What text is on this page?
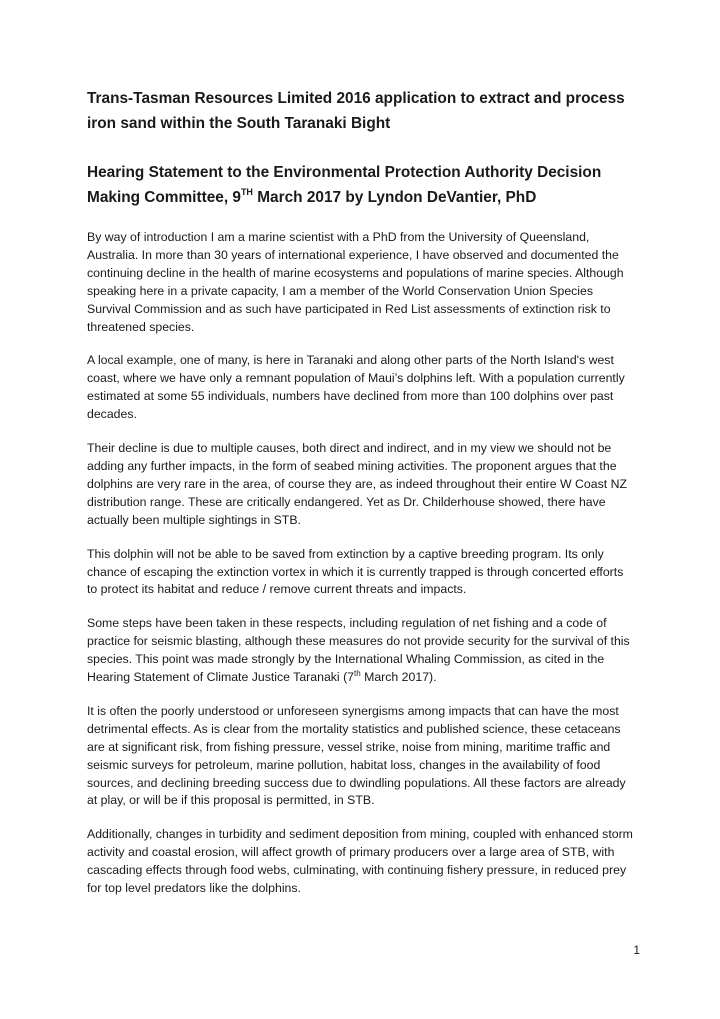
Trans-Tasman Resources Limited 2016 application to extract and process iron sand within the South Taranaki Bight
Hearing Statement to the Environmental Protection Authority Decision Making Committee, 9TH March 2017 by Lyndon DeVantier, PhD

By way of introduction I am a marine scientist with a PhD from the University of Queensland, Australia. In more than 30 years of international experience, I have observed and documented the continuing decline in the health of marine ecosystems and populations of marine species. Although speaking here in a private capacity, I am a member of the World Conservation Union Species Survival Commission and as such have participated in Red List assessments of extinction risk to threatened species.

A local example, one of many, is here in Taranaki and along other parts of the North Island's west coast, where we have only a remnant population of Maui’s dolphins left. With a population currently estimated at some 55 individuals, numbers have declined from more than 100 dolphins over past decades.

Their decline is due to multiple causes, both direct and indirect, and in my view we should not be adding any further impacts, in the form of seabed mining activities. The proponent argues that the dolphins are very rare in the area, of course they are, as indeed throughout their entire W Coast NZ distribution range. These are critically endangered. Yet as Dr. Childerhouse showed, there have actually been multiple sightings in STB.

This dolphin will not be able to be saved from extinction by a captive breeding program. Its only chance of escaping the extinction vortex in which it is currently trapped is through concerted efforts to protect its habitat and reduce / remove current threats and impacts.

Some steps have been taken in these respects, including regulation of net fishing and a code of practice for seismic blasting, although these measures do not provide security for the survival of this species. This point was made strongly by the International Whaling Commission, as cited in the Hearing Statement of Climate Justice Taranaki (7th March 2017).

It is often the poorly understood or unforeseen synergisms among impacts that can have the most detrimental effects. As is clear from the mortality statistics and published science, these cetaceans are at significant risk, from fishing pressure, vessel strike, noise from mining, maritime traffic and seismic surveys for petroleum, marine pollution, habitat loss, changes in the availability of food sources, and declining breeding success due to dwindling populations. All these factors are already at play, or will be if this proposal is permitted, in STB.

Additionally, changes in turbidity and sediment deposition from mining, coupled with enhanced storm activity and coastal erosion, will affect growth of primary producers over a large area of STB, with cascading effects through food webs, culminating, with continuing fishery pressure, in reduced prey for top level predators like the dolphins.

1
